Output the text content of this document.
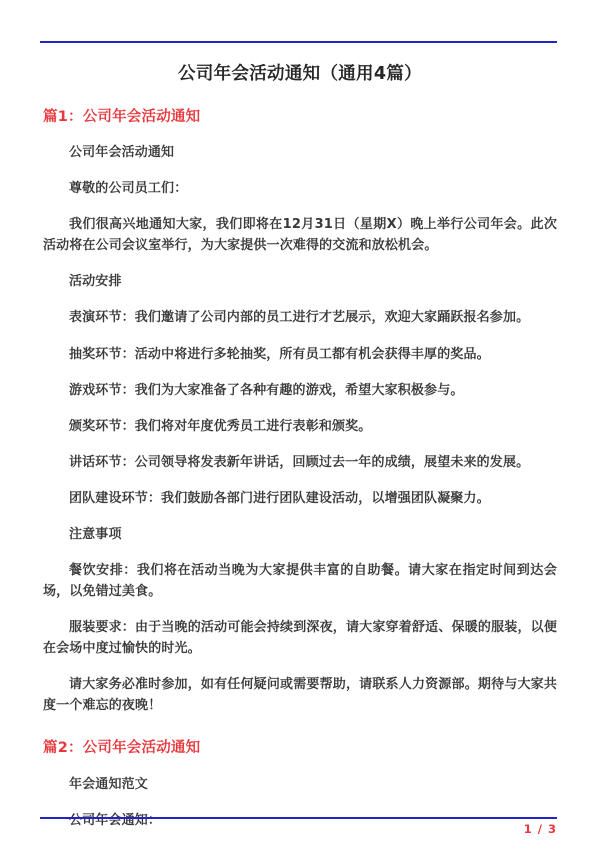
公司年会活动通知（通用4篇）
篇1：公司年会活动通知

公司年会活动通知

尊敬的公司员工们：

我们很高兴地通知大家，我们即将在12月31日（星期X）晚上举行公司年会。此次活动将在公司会议室举行，为大家提供一次难得的交流和放松机会。

活动安排

表演环节：我们邀请了公司内部的员工进行才艺展示，欢迎大家踊跃报名参加。

抽奖环节：活动中将进行多轮抽奖，所有员工都有机会获得丰厚的奖品。

游戏环节：我们为大家准备了各种有趣的游戏，希望大家积极参与。

颁奖环节：我们将对年度优秀员工进行表彰和颁奖。

讲话环节：公司领导将发表新年讲话，回顾过去一年的成绩，展望未来的发展。

团队建设环节：我们鼓励各部门进行团队建设活动，以增强团队凝聚力。

注意事项

餐饮安排：我们将在活动当晚为大家提供丰富的自助餐。请大家在指定时间到达会场，以免错过美食。

服装要求：由于当晚的活动可能会持续到深夜，请大家穿着舒适、保暖的服装，以便在会场中度过愉快的时光。

请大家务必准时参加，如有任何疑问或需要帮助，请联系人力资源部。期待与大家共度一个难忘的夜晚！

篇2：公司年会活动通知

年会通知范文

公司年会通知：

1 / 3
